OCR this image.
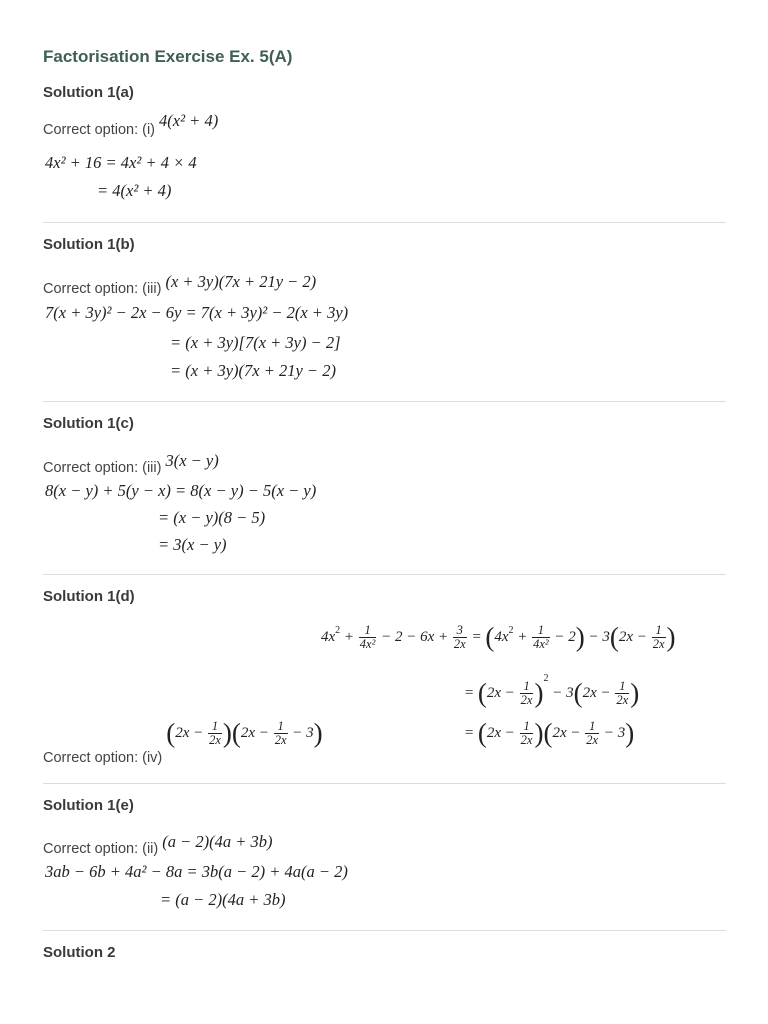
Factorisation Exercise Ex. 5(A)
Solution 1(a)
Correct option: (i) 4(x² + 4)
4x² + 16 = 4x² + 4 × 4
= 4(x² + 4)
Solution 1(b)
Correct option: (iii) (x + 3y)(7x + 21y − 2)
7(x + 3y)² − 2x − 6y = 7(x + 3y)² − 2(x + 3y)
= (x + 3y)[7(x + 3y) − 2]
= (x + 3y)(7x + 21y − 2)
Solution 1(c)
Correct option: (iii) 3(x − y)
8(x − y) + 5(y − x) = 8(x − y) − 5(x − y)
= (x − y)(8 − 5)
= 3(x − y)
Solution 1(d)
$4x^2 + \frac{1}{\text{4x²}} - 2 - 6x + \frac{3}{2x} = (4x^2 + \frac{1}{\text{4x²}} - 2) - 3(2x - \frac{1}{2x}$ )
= $(2x - \frac{1}{2x} )^2 - 3(2x - \frac{1}{2x}$ )
= $(2x - \frac{1}{2x} )(2x - \frac{1}{2x} - 3)$
Correct option: (iv) $(2x - \frac{1}{2x} )(2x - \frac{1}{2x} - 3)$
Solution 1(e)
Correct option: (ii) (a − 2)(4a + 3b)
3ab − 6b + 4a² − 8a = 3b(a − 2) + 4a(a − 2)
= (a − 2)(4a + 3b)
Solution 2
